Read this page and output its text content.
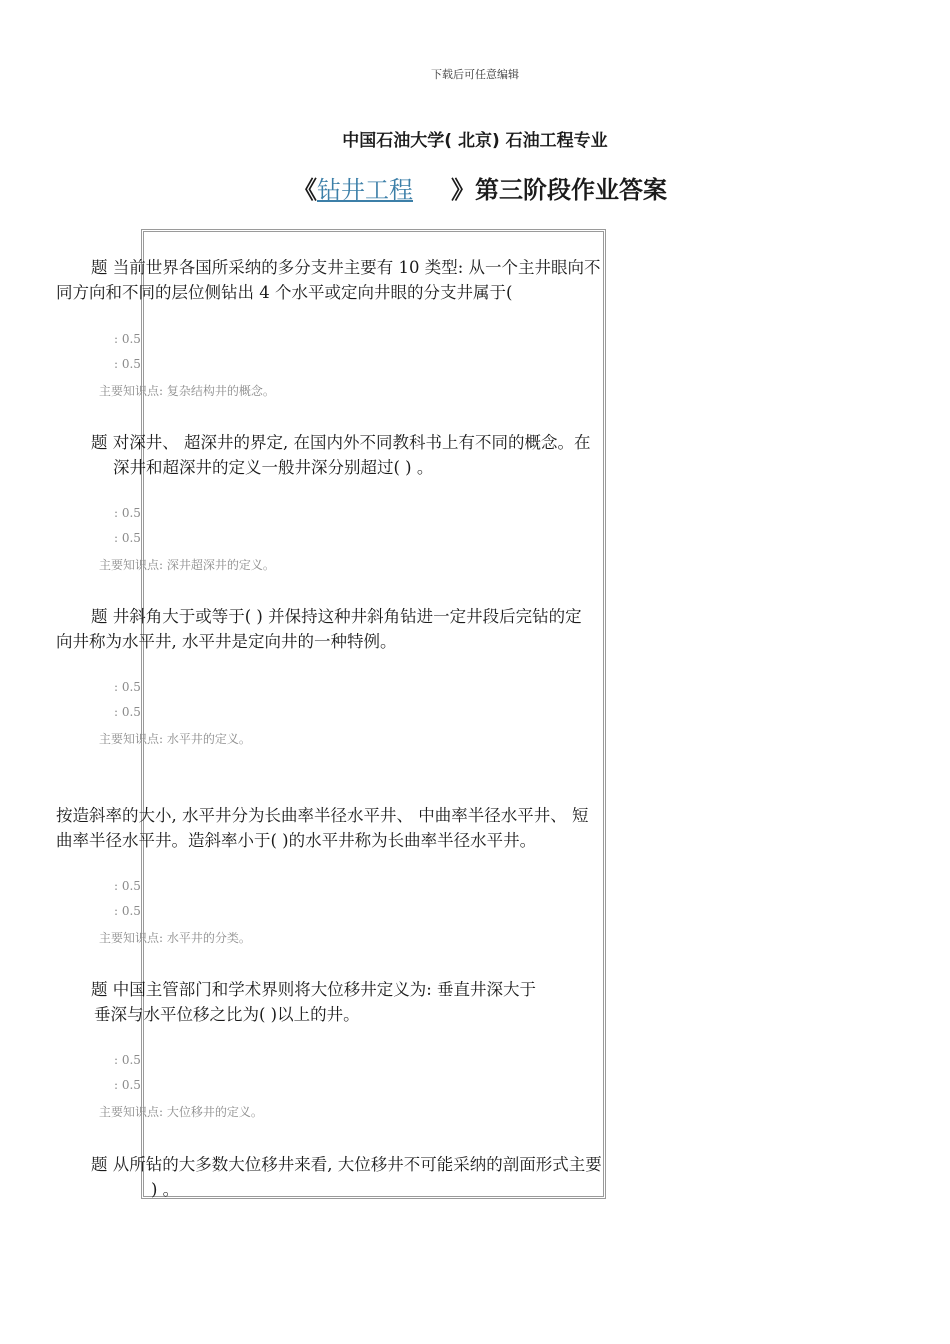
下载后可任意编辑
中国石油大学( 北京) 石油工程专业
《钻井工程 》第三阶段作业答案
题 当前世界各国所采纳的多分支井主要有 10 类型: 从一个主井眼向不
同方向和不同的层位侧钻出 4 个水平或定向井眼的分支井属于(
: 0.5
: 0.5
主要知识点: 复杂结构井的概念。
题 对深井、 超深井的界定, 在国内外不同教科书上有不同的概念。在
深井和超深井的定义一般井深分别超过( ) 。
: 0.5
: 0.5
主要知识点: 深井超深井的定义。
题 井斜角大于或等于( ) 并保持这种井斜角钻进一定井段后完钻的定
向井称为水平井, 水平井是定向井的一种特例。
: 0.5
: 0.5
主要知识点: 水平井的定义。
按造斜率的大小, 水平井分为长曲率半径水平井、 中曲率半径水平井、 短
曲率半径水平井。造斜率小于( )的水平井称为长曲率半径水平井。
: 0.5
: 0.5
主要知识点: 水平井的分类。
题 中国主管部门和学术界则将大位移井定义为: 垂直井深大于
垂深与水平位移之比为( )以上的井。
: 0.5
: 0.5
主要知识点: 大位移井的定义。
题 从所钻的大多数大位移井来看, 大位移井不可能采纳的剖面形式主要
) 。
